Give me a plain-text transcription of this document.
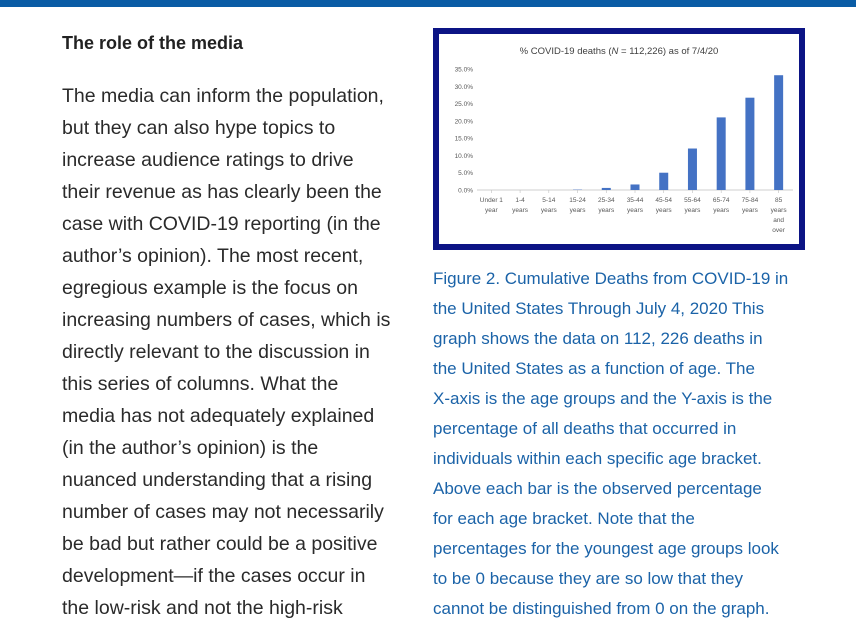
The role of the media
The media can inform the population,
but they can also hype topics to
increase audience ratings to drive
their revenue as has clearly been the
case with COVID-19 reporting (in the
author’s opinion). The most recent,
egregious example is the focus on
increasing numbers of cases, which is
directly relevant to the discussion in
this series of columns. What the
media has not adequately explained
(in the author’s opinion) is the
nuanced understanding that a rising
number of cases may not necessarily
be bad but rather could be a positive
development—if the cases occur in
the low-risk and not the high-risk
% COVID-19 deaths (N = 112,226) as of 7/4/20
0.0%
5.0%
10.0%
15.0%
20.0%
25.0%
30.0%
35.0%
Under 1
year
1-4
years
5-14
years
15-24
years
25-34
years
35-44
years
45-54
years
55-64
years
65-74
years
75-84
years
85
years
and
over
Figure 2. Cumulative Deaths from COVID-19 in
the United States Through July 4, 2020 This
graph shows the data on 112, 226 deaths in
the United States as a function of age. The
X-axis is the age groups and the Y-axis is the
percentage of all deaths that occurred in
individuals within each specific age bracket.
Above each bar is the observed percentage
for each age bracket. Note that the
percentages for the youngest age groups look
to be 0 because they are so low that they
cannot be distinguished from 0 on the graph.
